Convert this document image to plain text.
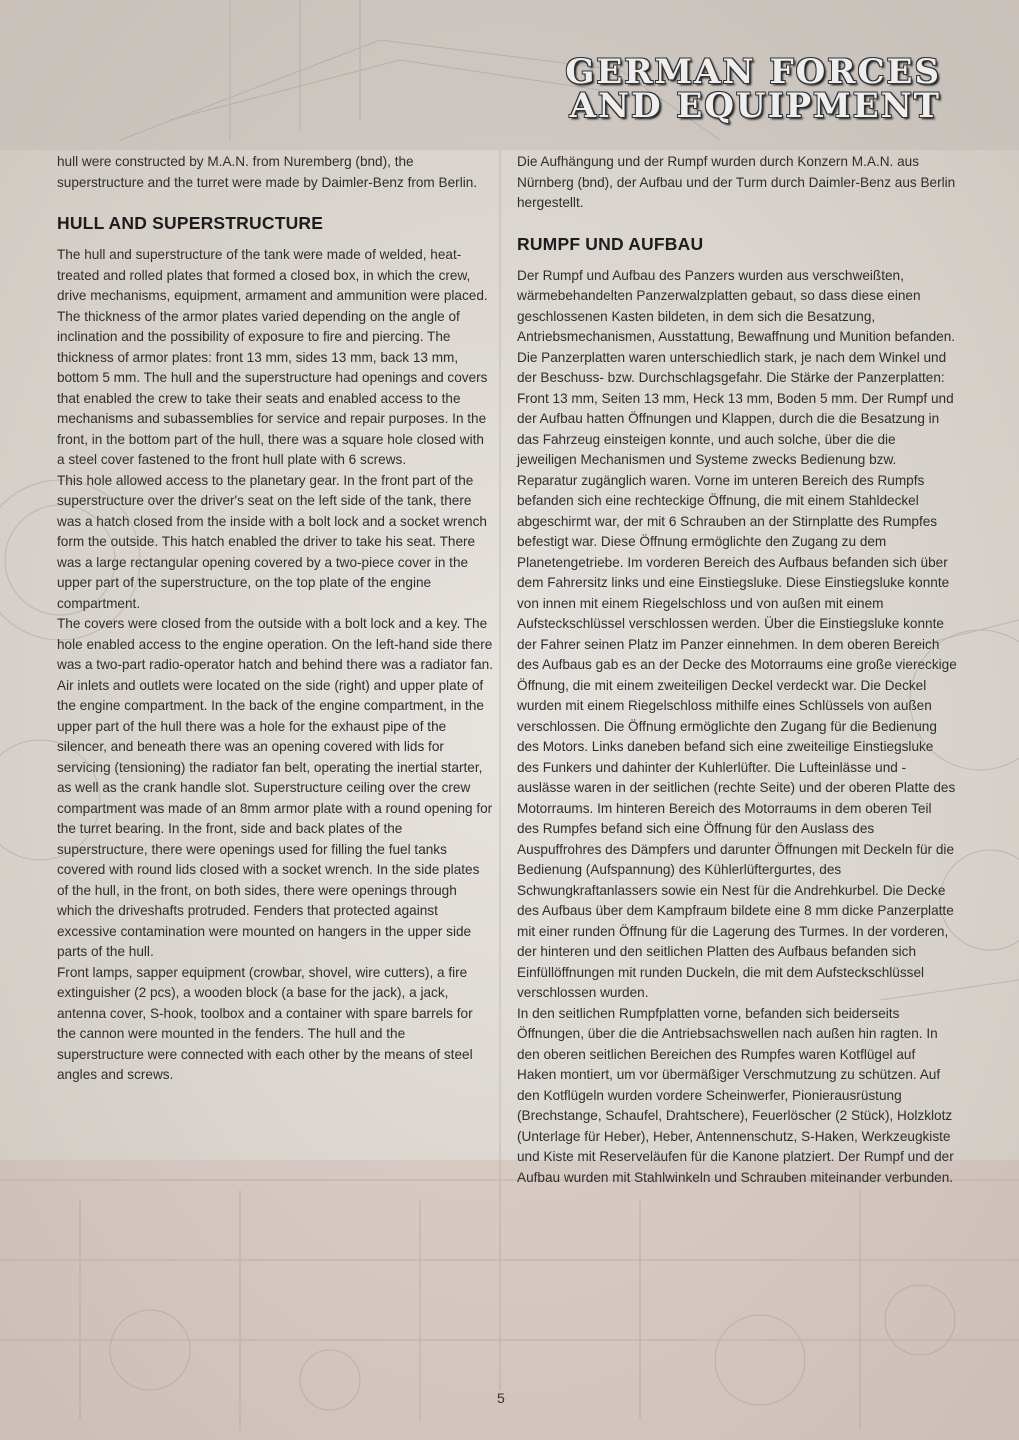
GERMAN FORCES
AND EQUIPMENT

hull were constructed by M.A.N. from Nuremberg (bnd), the superstructure and the turret were made by Daimler-Benz from Berlin.

HULL AND SUPERSTRUCTURE

The hull and superstructure of the tank were made of welded, heat-treated and rolled plates that formed a closed box, in which the crew, drive mechanisms, equipment, armament and ammunition were placed. The thickness of the armor plates varied depending on the angle of inclination and the possibility of exposure to fire and piercing. The thickness of armor plates: front 13 mm, sides 13 mm, back 13 mm, bottom 5 mm. The hull and the superstructure had openings and covers that enabled the crew to take their seats and enabled access to the mechanisms and subassemblies for service and repair purposes. In the front, in the bottom part of the hull, there was a square hole closed with a steel cover fastened to the front hull plate with 6 screws.

This hole allowed access to the planetary gear. In the front part of the superstructure over the driver's seat on the left side of the tank, there was a hatch closed from the inside with a bolt lock and a socket wrench form the outside. This hatch enabled the driver to take his seat. There was a large rectangular opening covered by a two-piece cover in the upper part of the superstructure, on the top plate of the engine compartment.

The covers were closed from the outside with a bolt lock and a key. The hole enabled access to the engine operation. On the left-hand side there was a two-part radio-operator hatch and behind there was a radiator fan. Air inlets and outlets were located on the side (right) and upper plate of the engine compartment. In the back of the engine compartment, in the upper part of the hull there was a hole for the exhaust pipe of the silencer, and beneath there was an opening covered with lids for servicing (tensioning) the radiator fan belt, operating the inertial starter, as well as the crank handle slot. Superstructure ceiling over the crew compartment was made of an 8mm armor plate with a round opening for the turret bearing. In the front, side and back plates of the superstructure, there were openings used for filling the fuel tanks covered with round lids closed with a socket wrench. In the side plates of the hull, in the front, on both sides, there were openings through which the driveshafts protruded. Fenders that protected against excessive contamination were mounted on hangers in the upper side parts of the hull.

Front lamps, sapper equipment (crowbar, shovel, wire cutters), a fire extinguisher (2 pcs), a wooden block (a base for the jack), a jack, antenna cover, S-hook, toolbox and a container with spare barrels for the cannon were mounted in the fenders. The hull and the superstructure were connected with each other by the means of steel angles and screws.

Die Aufhängung und der Rumpf wurden durch Konzern M.A.N. aus Nürnberg (bnd), der Aufbau und der Turm durch Daimler-Benz aus Berlin hergestellt.

RUMPF UND AUFBAU

Der Rumpf und Aufbau des Panzers wurden aus verschweißten, wärmebehandelten Panzerwalzplatten gebaut, so dass diese einen geschlossenen Kasten bildeten, in dem sich die Besatzung, Antriebsmechanismen, Ausstattung, Bewaffnung und Munition befanden. Die Panzerplatten waren unterschiedlich stark, je nach dem Winkel und der Beschuss- bzw. Durchschlagsgefahr. Die Stärke der Panzerplatten: Front 13 mm, Seiten 13 mm, Heck 13 mm, Boden 5 mm. Der Rumpf und der Aufbau hatten Öffnungen und Klappen, durch die die Besatzung in das Fahrzeug einsteigen konnte, und auch solche, über die die jeweiligen Mechanismen und Systeme zwecks Bedienung bzw. Reparatur zugänglich waren. Vorne im unteren Bereich des Rumpfs befanden sich eine rechteckige Öffnung, die mit einem Stahldeckel abgeschirmt war, der mit 6 Schrauben an der Stirnplatte des Rumpfes befestigt war. Diese Öffnung ermöglichte den Zugang zu dem Planetengetriebe. Im vorderen Bereich des Aufbaus befanden sich über dem Fahrersitz links und eine Einstiegsluke. Diese Einstiegsluke konnte von innen mit einem Riegelschloss und von außen mit einem Aufsteckschlüssel verschlossen werden. Über die Einstiegsluke konnte der Fahrer seinen Platz im Panzer einnehmen. In dem oberen Bereich des Aufbaus gab es an der Decke des Motorraums eine große viereckige Öffnung, die mit einem zweiteiligen Deckel verdeckt war. Die Deckel wurden mit einem Riegelschloss mithilfe eines Schlüssels von außen verschlossen. Die Öffnung ermöglichte den Zugang für die Bedienung des Motors. Links daneben befand sich eine zweiteilige Einstiegsluke des Funkers und dahinter der Kuhlerlüfter. Die Lufteinlässe und -auslässe waren in der seitlichen (rechte Seite) und der oberen Platte des Motorraums. Im hinteren Bereich des Motorraums in dem oberen Teil des Rumpfes befand sich eine Öffnung für den Auslass des Auspuffrohres des Dämpfers und darunter Öffnungen mit Deckeln für die Bedienung (Aufspannung) des Kühlerlüftergurtes, des Schwungkraftanlassers sowie ein Nest für die Andrehkurbel. Die Decke des Aufbaus über dem Kampfraum bildete eine 8 mm dicke Panzerplatte mit einer runden Öffnung für die Lagerung des Turmes. In der vorderen, der hinteren und den seitlichen Platten des Aufbaus befanden sich Einfüllöffnungen mit runden Duckeln, die mit dem Aufsteckschlüssel verschlossen wurden.

In den seitlichen Rumpfplatten vorne, befanden sich beiderseits Öffnungen, über die die Antriebsachswellen nach außen hin ragten. In den oberen seitlichen Bereichen des Rumpfes waren Kotflügel auf Haken montiert, um vor übermäßiger Verschmutzung zu schützen. Auf den Kotflügeln wurden vordere Scheinwerfer, Pionierausrüstung (Brechstange, Schaufel, Drahtschere), Feuerlöscher (2 Stück), Holzklotz (Unterlage für Heber), Heber, Antennenschutz, S-Haken, Werkzeugkiste und Kiste mit Reserveläufen für die Kanone platziert. Der Rumpf und der Aufbau wurden mit Stahlwinkeln und Schrauben miteinander verbunden.

5
